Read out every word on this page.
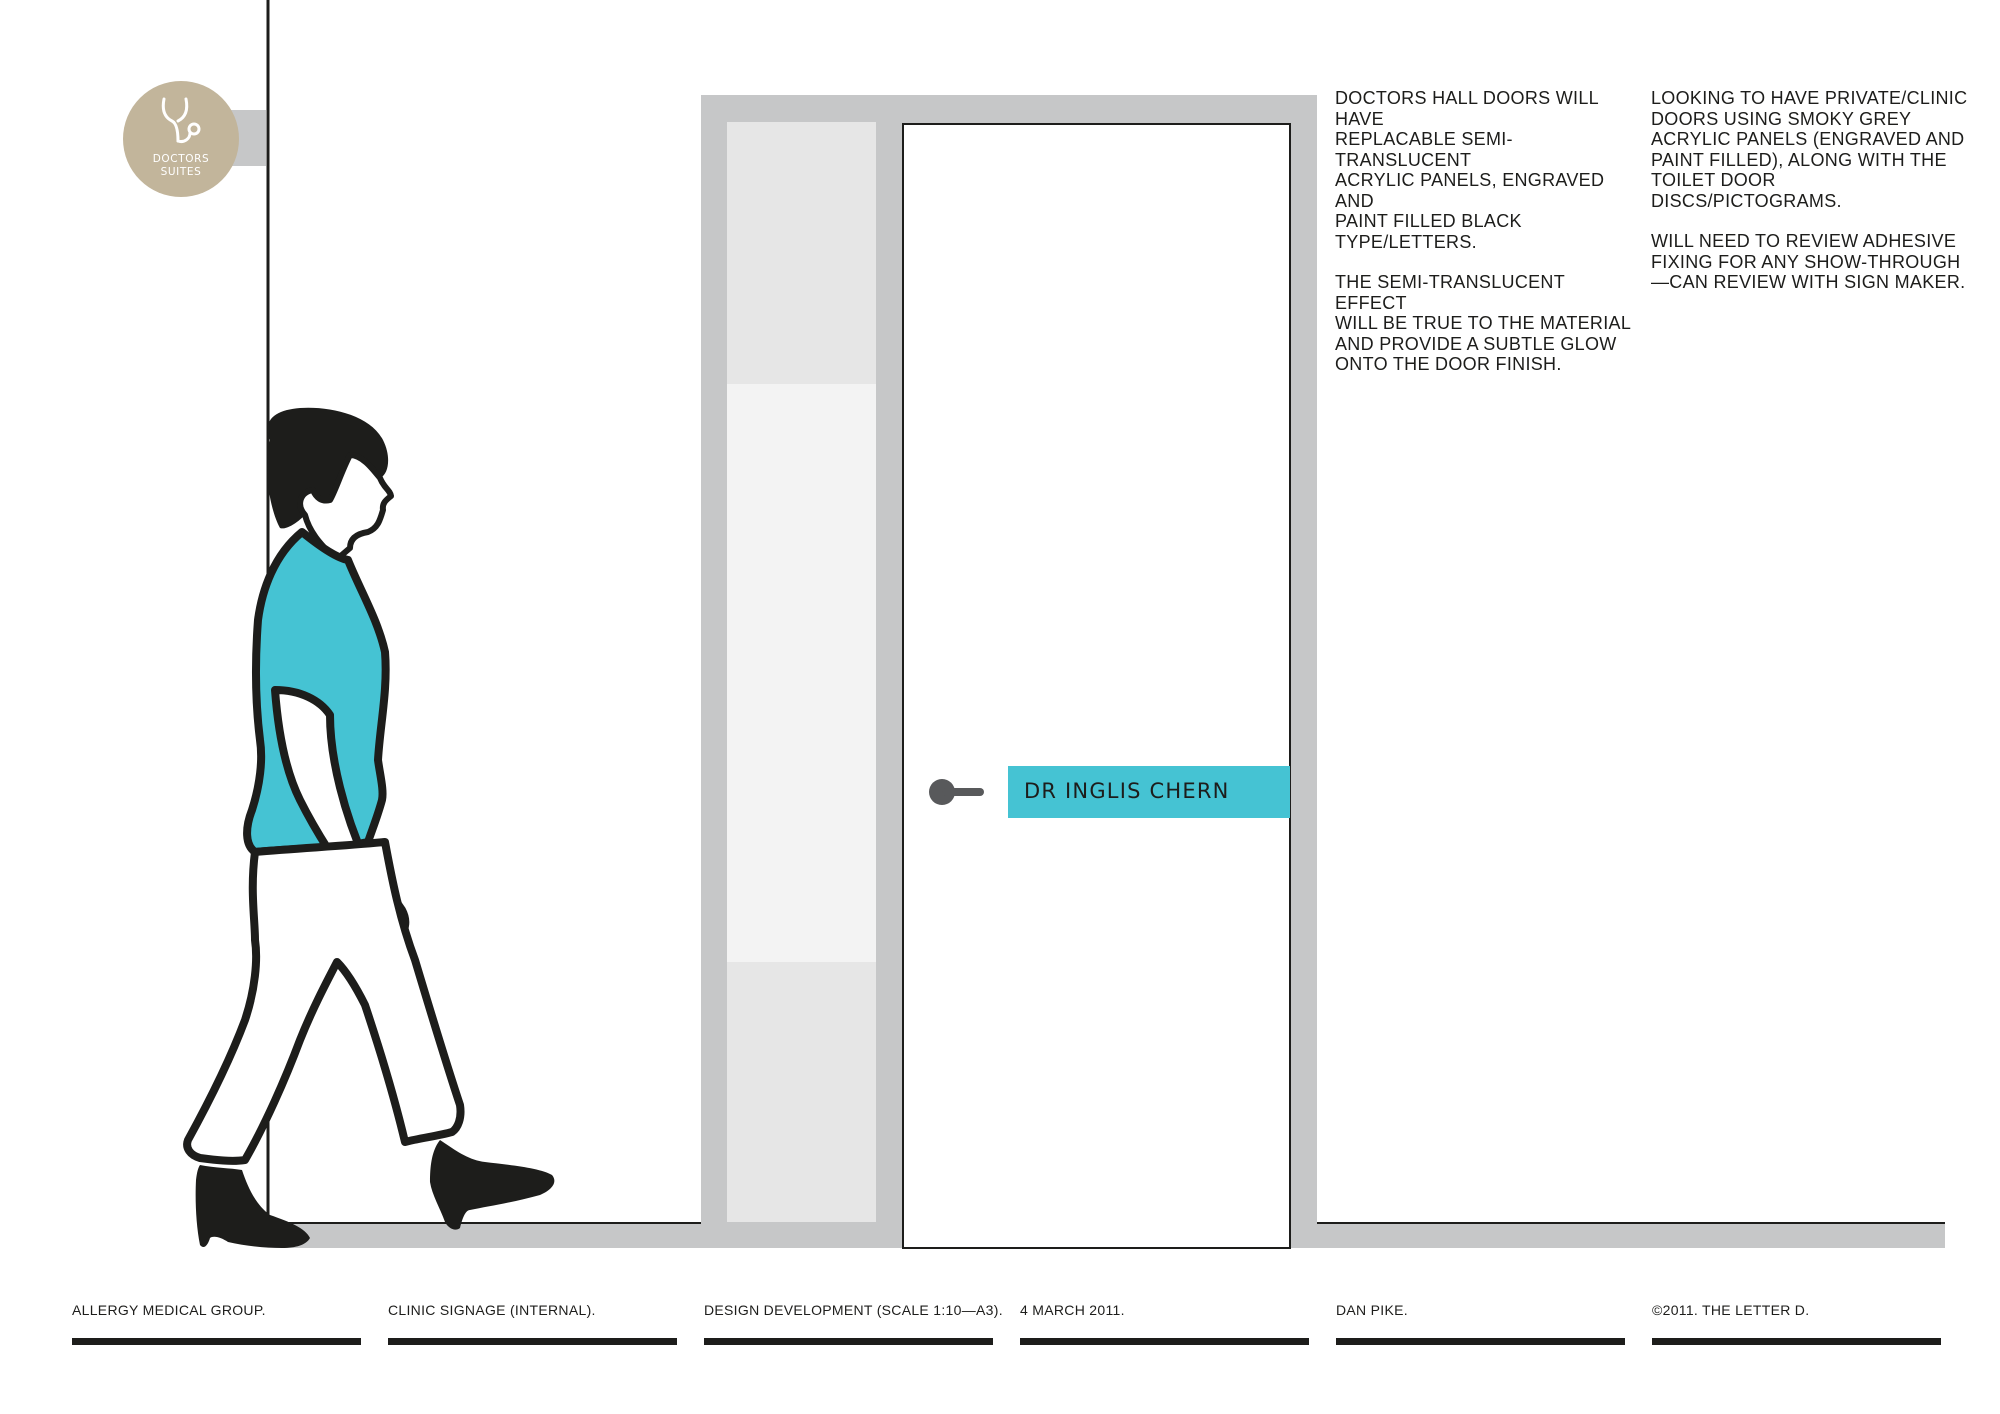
DOCTORS
SUITES
DR INGLIS CHERN

DOCTORS HALL DOORS WILL HAVE
REPLACABLE SEMI-TRANSLUCENT
ACRYLIC PANELS, ENGRAVED AND
PAINT FILLED BLACK TYPE/LETTERS.

THE SEMI-TRANSLUCENT EFFECT
WILL BE TRUE TO THE MATERIAL
AND PROVIDE A SUBTLE GLOW
ONTO THE DOOR FINISH.

LOOKING TO HAVE PRIVATE/CLINIC
DOORS USING SMOKY GREY
ACRYLIC PANELS (ENGRAVED AND
PAINT FILLED), ALONG WITH THE
TOILET DOOR DISCS/PICTOGRAMS.

WILL NEED TO REVIEW ADHESIVE
FIXING FOR ANY SHOW-THROUGH
—CAN REVIEW WITH SIGN MAKER.

ALLERGY MEDICAL GROUP.	CLINIC SIGNAGE (INTERNAL).	DESIGN DEVELOPMENT (SCALE 1:10—A3). 4 MARCH 2011.	DAN PIKE.	©2011. THE LETTER D.
